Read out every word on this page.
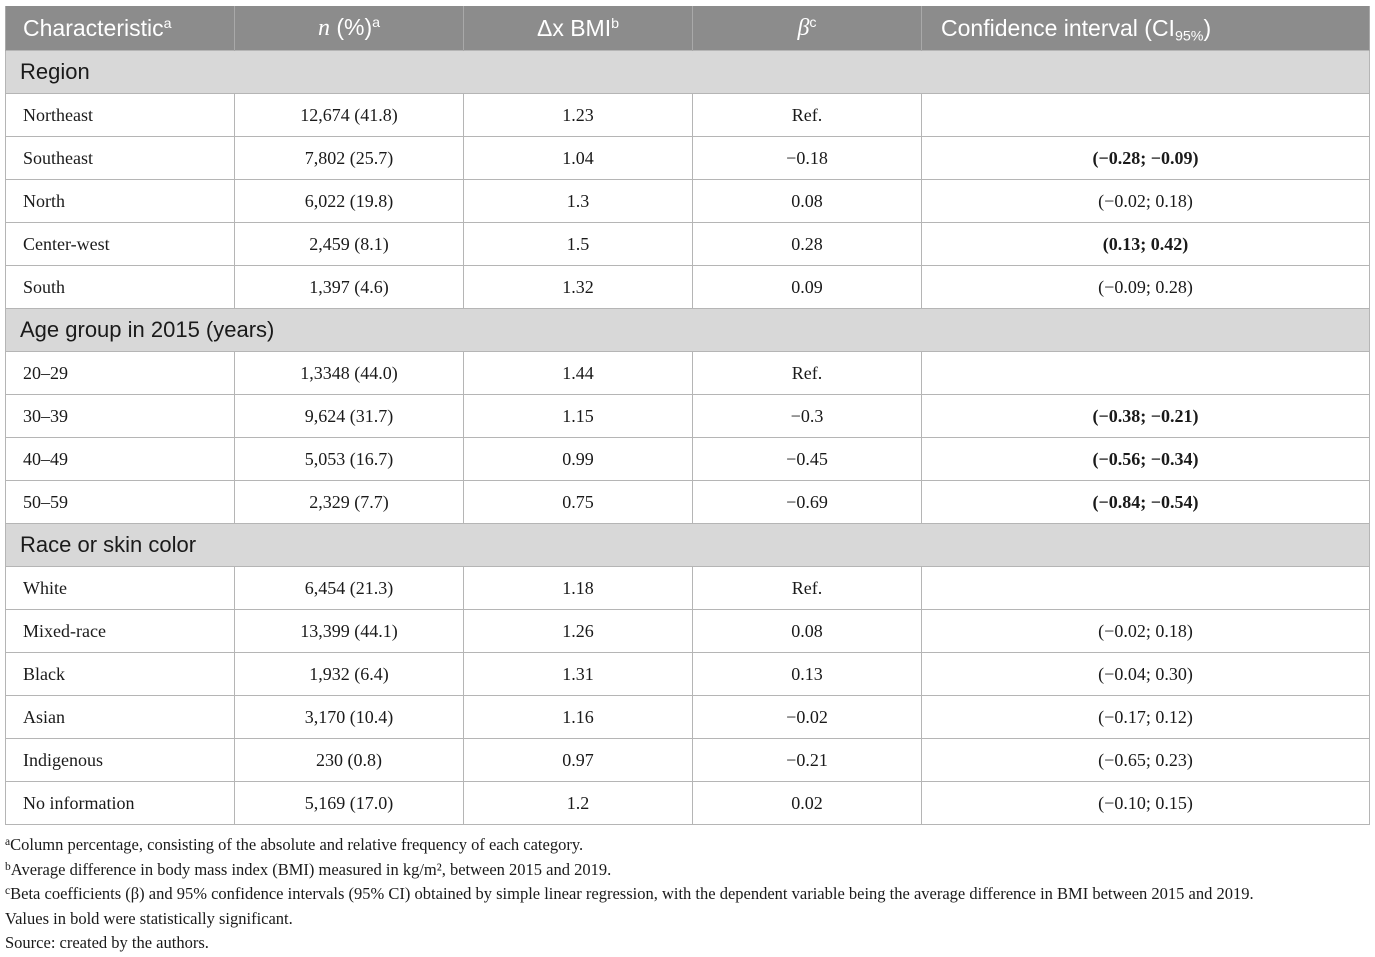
Characteristic$^a$	n (%)$^a$	Δx BMI$^b$	$\beta^c$	Confidence interval $(CI_{95\%})$
Region				
Northeast	12,674 (41.8)	1.23	Ref.	
Southeast	7,802 (25.7)	1.04	−0.18	(−0.28; −0.09)
North	6,022 (19.8)	1.3	0.08	(−0.02; 0.18)
Center-west	2,459 (8.1)	1.5	0.28	(0.13; 0.42)
South	1,397 (4.6)	1.32	0.09	(−0.09; 0.28)
Age group in 2015 (years)				
20–29	1,3348 (44.0)	1.44	Ref.	
30–39	9,624 (31.7)	1.15	−0.3	(−0.38; −0.21)
40–49	5,053 (16.7)	0.99	−0.45	(−0.56; −0.34)
50–59	2,329 (7.7)	0.75	−0.69	(−0.84; −0.54)
Race or skin color				
White	6,454 (21.3)	1.18	Ref.	
Mixed-race	13,399 (44.1)	1.26	0.08	(−0.02; 0.18)
Black	1,932 (6.4)	1.31	0.13	(−0.04; 0.30)
Asian	3,170 (10.4)	1.16	−0.02	(−0.17; 0.12)
Indigenous	230 (0.8)	0.97	−0.21	(−0.65; 0.23)
No information	5,169 (17.0)	1.2	0.02	(−0.10; 0.15)
$^a$Column percentage, consisting of the absolute and relative frequency of each category.
$^b$Average difference in body mass index (BMI) measured in kg/m², between 2015 and 2019.
$^c$Beta coefficients (β) and 95% confidence intervals (95% CI) obtained by simple linear regression, with the dependent variable being the average difference in BMI between 2015 and 2019.
Values in bold were statistically significant.
Source: created by the authors.
